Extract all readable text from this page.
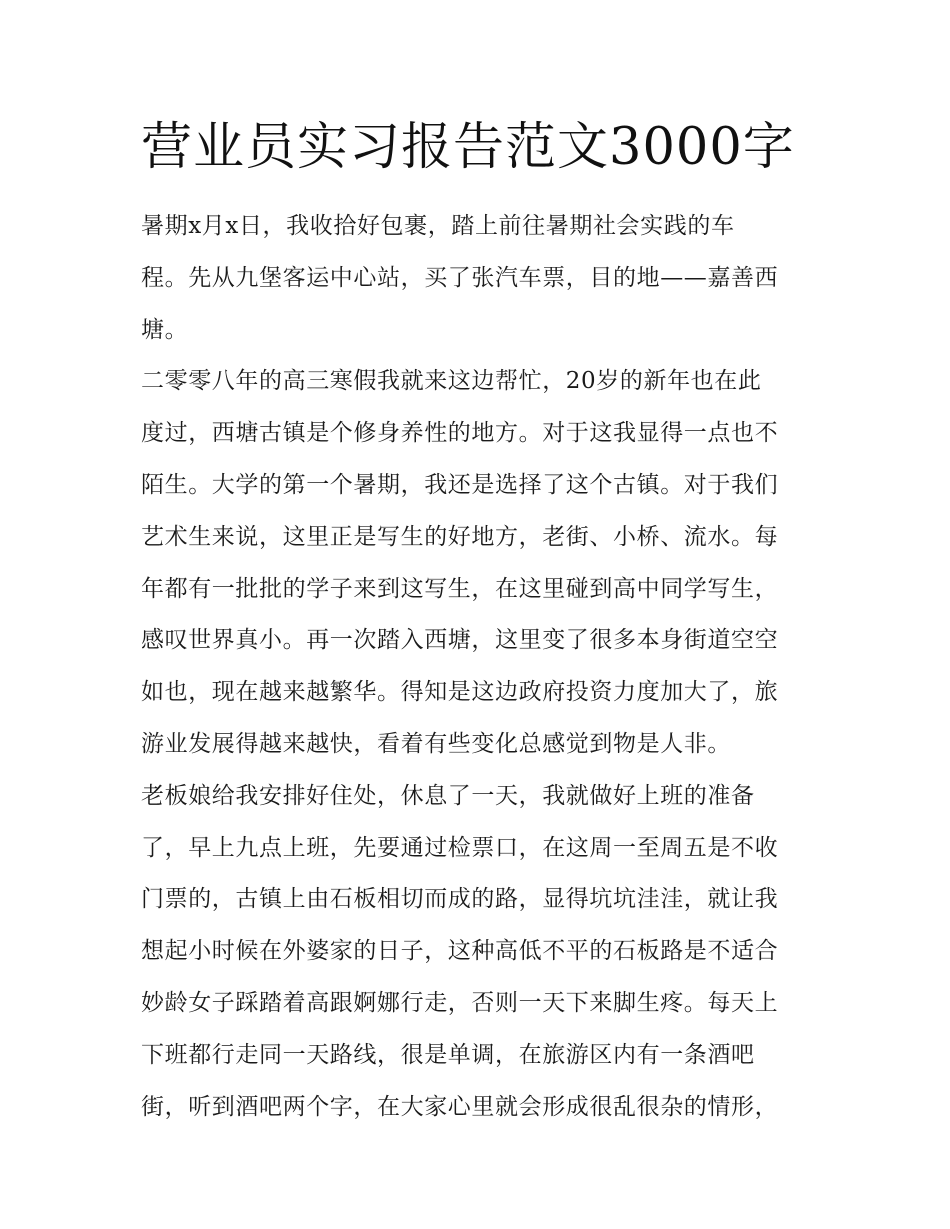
营业员实习报告范文3000字
暑期x月x日，我收拾好包裹，踏上前往暑期社会实践的车
程。先从九堡客运中心站，买了张汽车票，目的地——嘉善西
塘。
二零零八年的高三寒假我就来这边帮忙，20岁的新年也在此
度过，西塘古镇是个修身养性的地方。对于这我显得一点也不
陌生。大学的第一个暑期，我还是选择了这个古镇。对于我们
艺术生来说，这里正是写生的好地方，老街、小桥、流水。每
年都有一批批的学子来到这写生，在这里碰到高中同学写生，
感叹世界真小。再一次踏入西塘，这里变了很多本身街道空空
如也，现在越来越繁华。得知是这边政府投资力度加大了，旅
游业发展得越来越快，看着有些变化总感觉到物是人非。
老板娘给我安排好住处，休息了一天，我就做好上班的准备
了，早上九点上班，先要通过检票口，在这周一至周五是不收
门票的，古镇上由石板相切而成的路，显得坑坑洼洼，就让我
想起小时候在外婆家的日子，这种高低不平的石板路是不适合
妙龄女子踩踏着高跟婀娜行走，否则一天下来脚生疼。每天上
下班都行走同一天路线，很是单调，在旅游区内有一条酒吧
街，听到酒吧两个字，在大家心里就会形成很乱很杂的情形，
